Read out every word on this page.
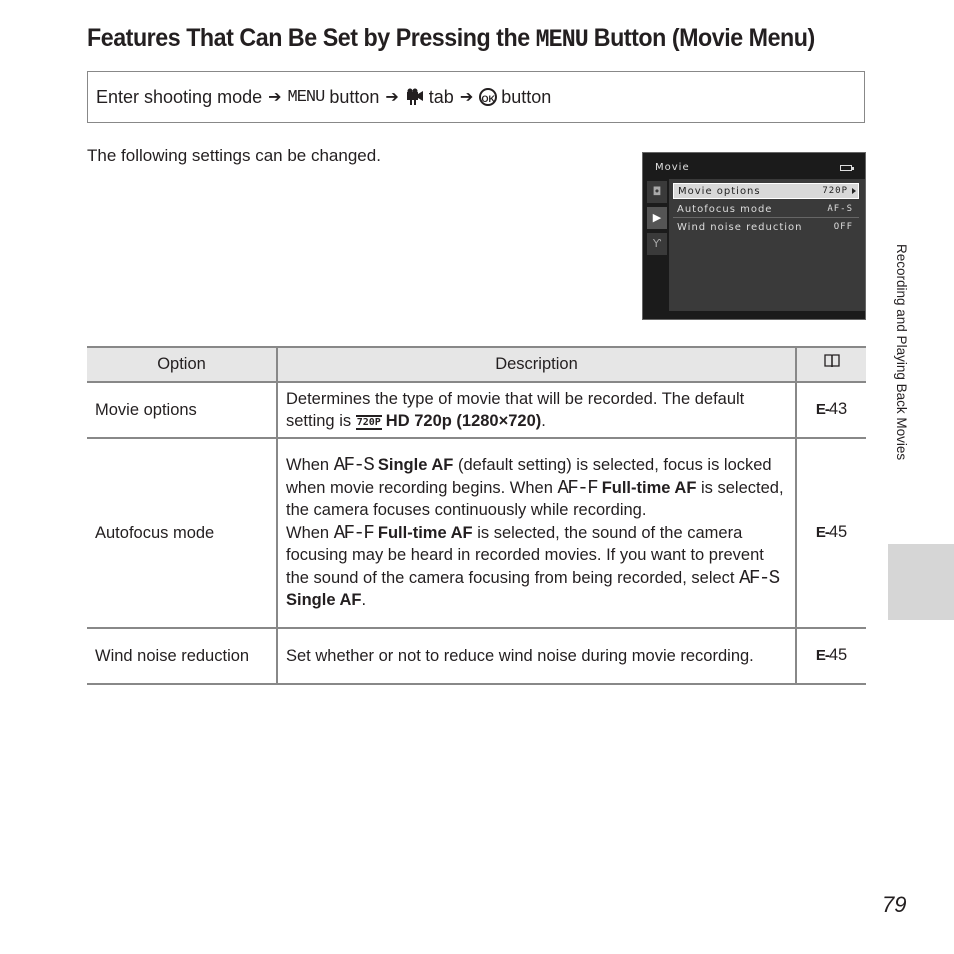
Features That Can Be Set by Pressing the MENU Button (Movie Menu)
Enter shooting mode ➔ MENU
button ➔ tab ➔ OK button
The following settings can be changed.
Movie
◘
▶
Ƴ
Movie options	720P
Autofocus mode	AF-S
Wind noise reduction	OFF
Option	Description	
Movie options	Determines the type of movie that will be recorded. The default setting is 720P HD 720p (1280×720).	E‑43
Autofocus mode	When AF-S Single AF (default setting) is selected, focus is locked when movie recording begins. When AF-F Full-time AF is selected, the camera focuses continuously while recording.
When AF-F Full-time AF is selected, the sound of the camera focusing may be heard in recorded movies. If you want to prevent the sound of the camera focusing from being recorded, select AF-S Single AF.	E‑45
Wind noise reduction	Set whether or not to reduce wind noise during movie recording.	E‑45
Recording and Playing Back Movies
79
